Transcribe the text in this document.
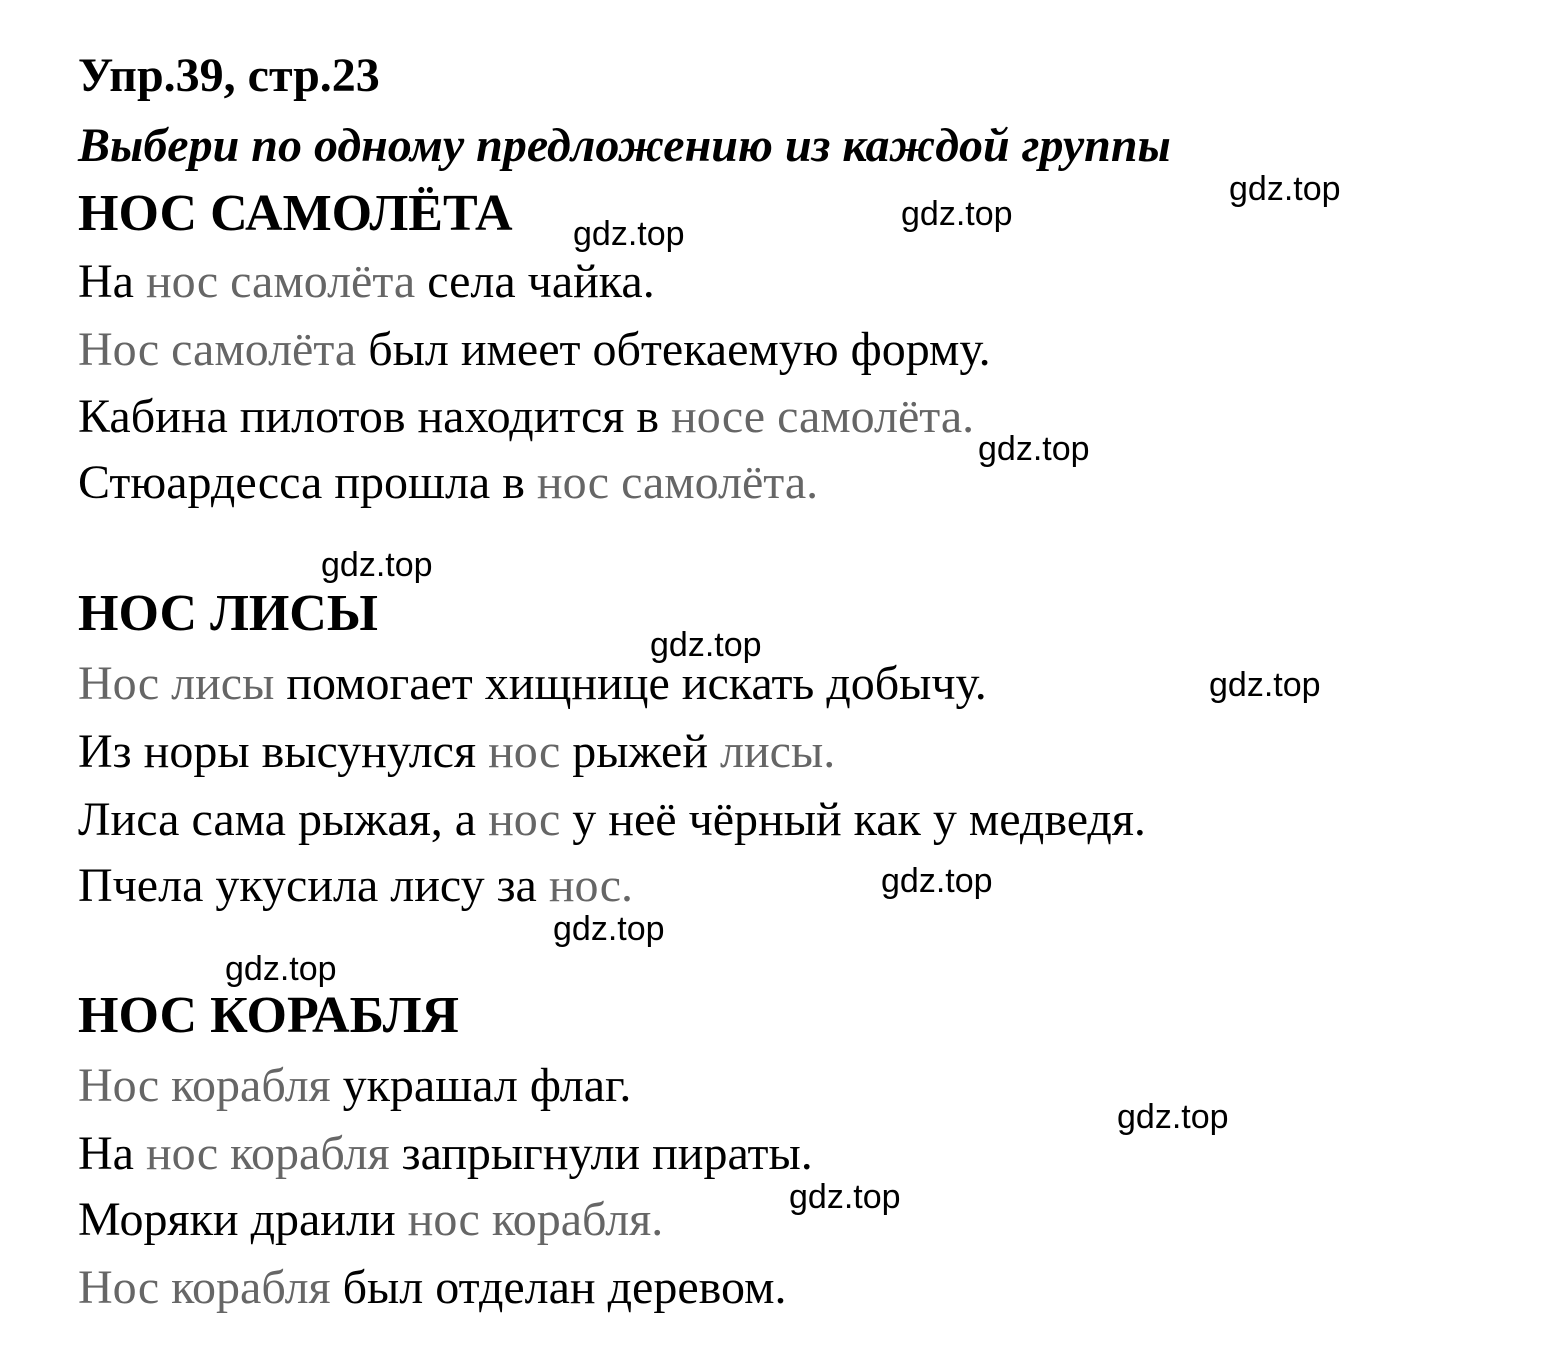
Упр.39, стр.23
Выбери по одному предложению из каждой группы
НОС САМОЛЁТА
На нос самолёта села чайка.
Нос самолёта был имеет обтекаемую форму.
Кабина пилотов находится в носе самолёта.
Стюардесса прошла в нос самолёта.
НОС ЛИСЫ
Нос лисы помогает хищнице искать добычу.
Из норы высунулся нос рыжей лисы.
Лиса сама рыжая, а нос у неё чёрный как у медведя.
Пчела укусила лису за нос.
НОС КОРАБЛЯ
Нос корабля украшал флаг.
На нос корабля запрыгнули пираты.
Моряки драили нос корабля.
Нос корабля был отделан деревом.
gdz.top
gdz.top
gdz.top
gdz.top
gdz.top
gdz.top
gdz.top
gdz.top
gdz.top
gdz.top
gdz.top
gdz.top
